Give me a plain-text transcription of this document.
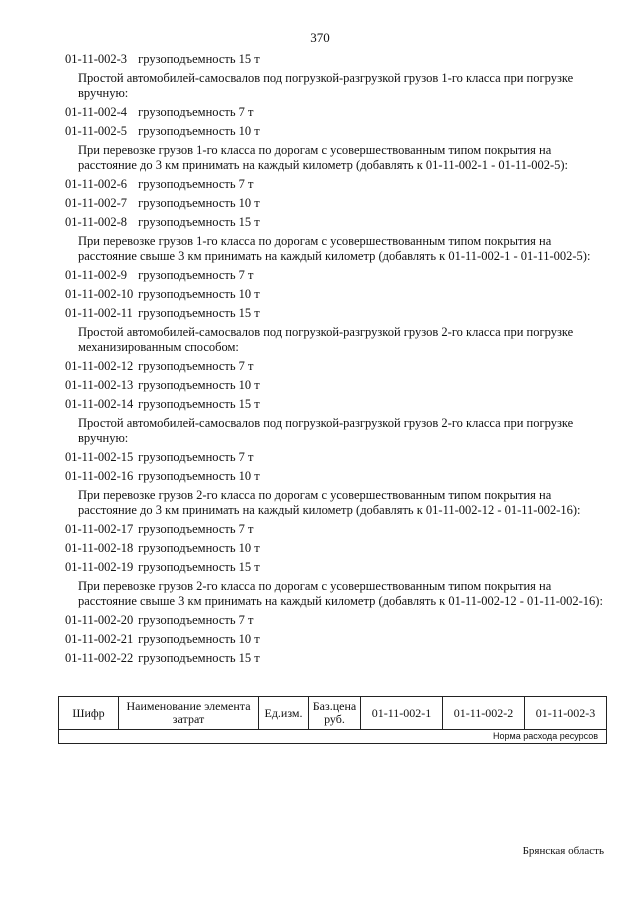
370
01-11-002-3 грузоподъемность 15 т
Простой автомобилей-самосвалов под погрузкой-разгрузкой грузов 1-го класса при погрузке вручную:
01-11-002-4 грузоподъемность 7 т
01-11-002-5 грузоподъемность 10 т
При перевозке грузов 1-го класса по дорогам с усовершествованным типом покрытия на расстояние до 3 км принимать на каждый километр (добавлять к 01-11-002-1 - 01-11-002-5):
01-11-002-6 грузоподъемность 7 т
01-11-002-7 грузоподъемность 10 т
01-11-002-8 грузоподъемность 15 т
При перевозке грузов 1-го класса по дорогам с усовершествованным типом покрытия на расстояние свыше 3 км принимать на каждый километр (добавлять к 01-11-002-1 - 01-11-002-5):
01-11-002-9 грузоподъемность 7 т
01-11-002-10 грузоподъемность 10 т
01-11-002-11 грузоподъемность 15 т
Простой автомобилей-самосвалов под погрузкой-разгрузкой грузов 2-го класса при погрузке механизированным способом:
01-11-002-12 грузоподъемность 7 т
01-11-002-13 грузоподъемность 10 т
01-11-002-14 грузоподъемность 15 т
Простой автомобилей-самосвалов под погрузкой-разгрузкой грузов 2-го класса при погрузке вручную:
01-11-002-15 грузоподъемность 7 т
01-11-002-16 грузоподъемность 10 т
При перевозке грузов 2-го класса по дорогам с усовершествованным типом покрытия на расстояние до 3 км принимать на каждый километр (добавлять к 01-11-002-12 - 01-11-002-16):
01-11-002-17 грузоподъемность 7 т
01-11-002-18 грузоподъемность 10 т
01-11-002-19 грузоподъемность 15 т
При перевозке грузов 2-го класса по дорогам с усовершествованным типом покрытия на расстояние свыше 3 км принимать на каждый километр (добавлять к 01-11-002-12 - 01-11-002-16):
01-11-002-20 грузоподъемность 7 т
01-11-002-21 грузоподъемность 10 т
01-11-002-22 грузоподъемность 15 т
Шифр	Наименование элемента затрат	Ед.изм.	Баз.цена руб.	01-11-002-1	01-11-002-2	01-11-002-3
Норма расхода ресурсов
Брянская область
